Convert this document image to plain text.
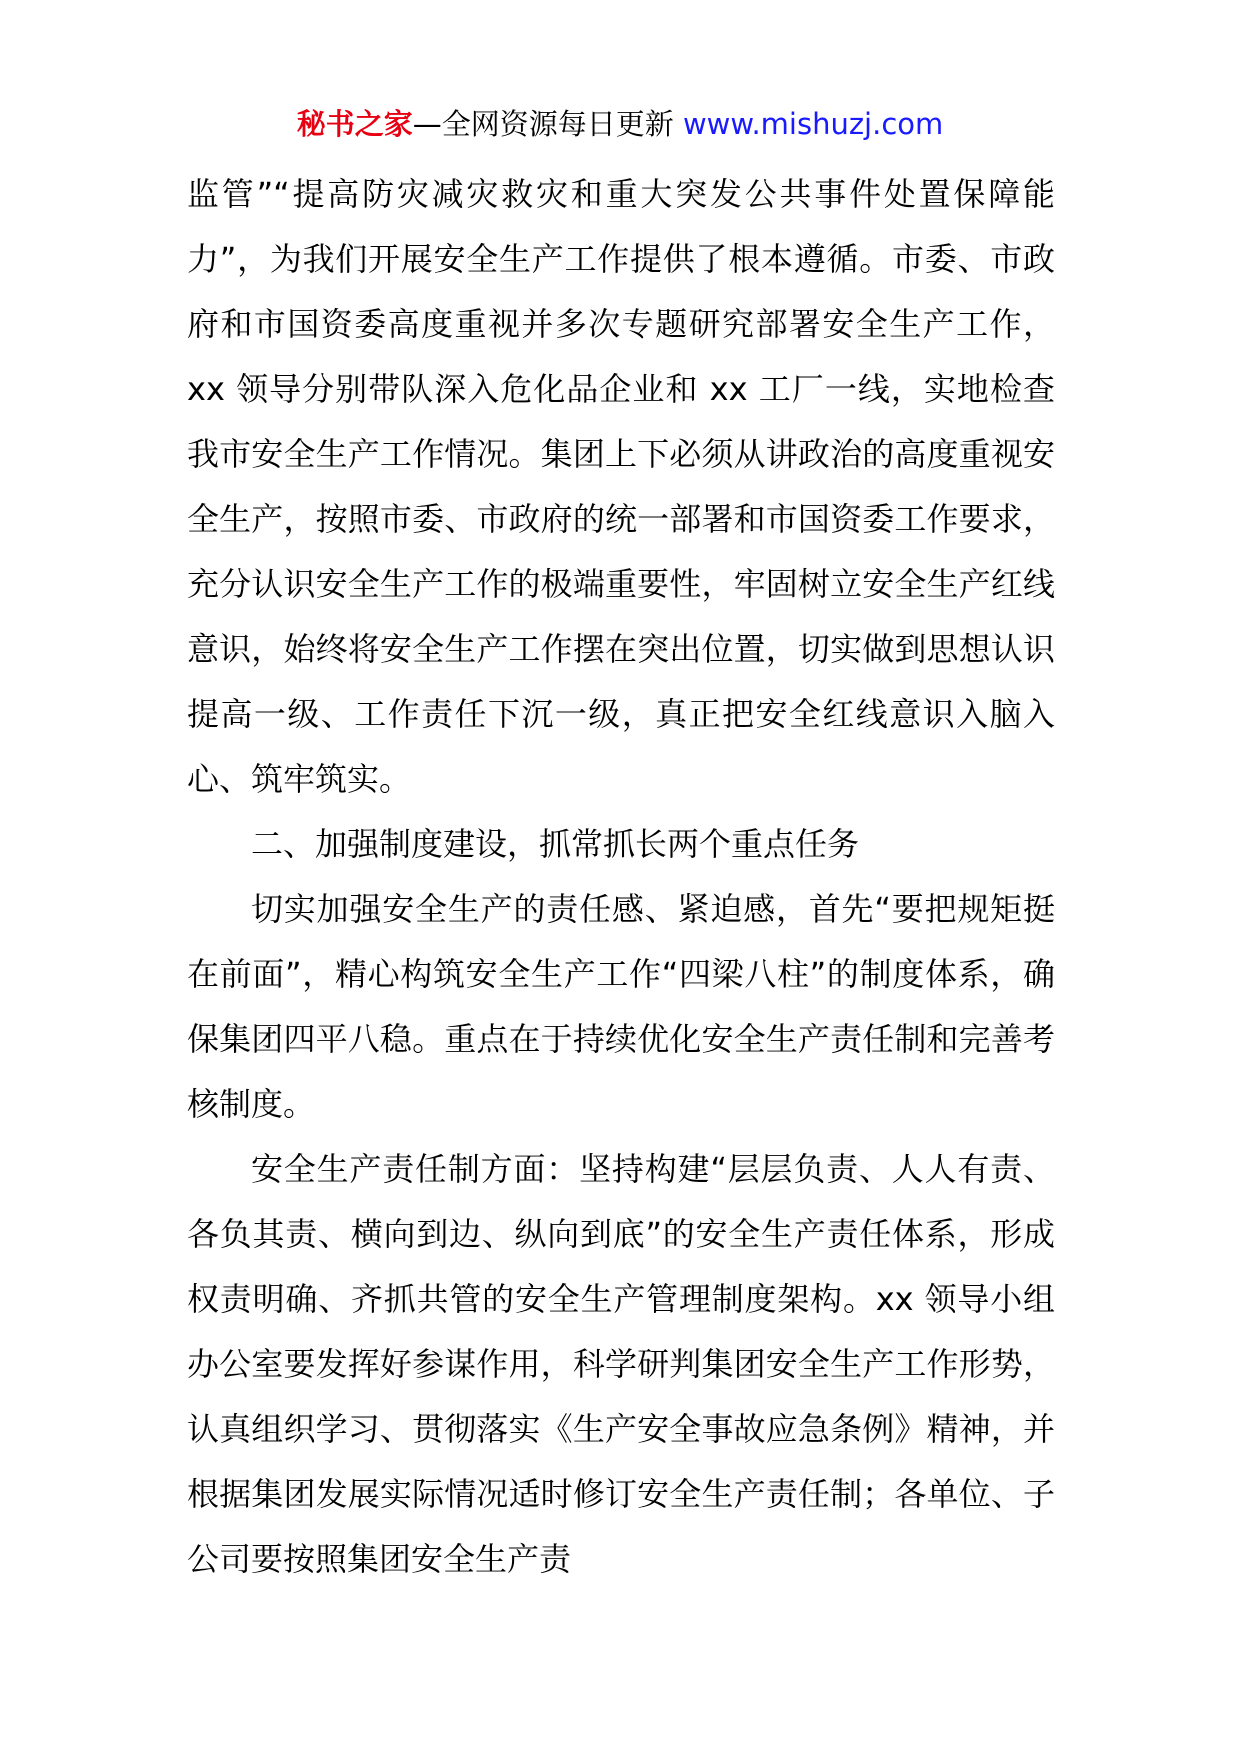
秘书之家—全网资源每日更新 www.mishuzj.com

监管”“提高防灾减灾救灾和重大突发公共事件处置保障能力”，为我们开展安全生产工作提供了根本遵循。市委、市政府和市国资委高度重视并多次专题研究部署安全生产工作，xx 领导分别带队深入危化品企业和 xx 工厂一线，实地检查我市安全生产工作情况。集团上下必须从讲政治的高度重视安全生产，按照市委、市政府的统一部署和市国资委工作要求，充分认识安全生产工作的极端重要性，牢固树立安全生产红线意识，始终将安全生产工作摆在突出位置，切实做到思想认识提高一级、工作责任下沉一级，真正把安全红线意识入脑入心、筑牢筑实。

二、加强制度建设，抓常抓长两个重点任务

切实加强安全生产的责任感、紧迫感，首先“要把规矩挺在前面”，精心构筑安全生产工作“四梁八柱”的制度体系，确保集团四平八稳。重点在于持续优化安全生产责任制和完善考核制度。

安全生产责任制方面：坚持构建“层层负责、人人有责、各负其责、横向到边、纵向到底”的安全生产责任体系，形成权责明确、齐抓共管的安全生产管理制度架构。xx 领导小组办公室要发挥好参谋作用，科学研判集团安全生产工作形势，认真组织学习、贯彻落实《生产安全事故应急条例》精神，并根据集团发展实际情况适时修订安全生产责任制；各单位、子公司要按照集团安全生产责
